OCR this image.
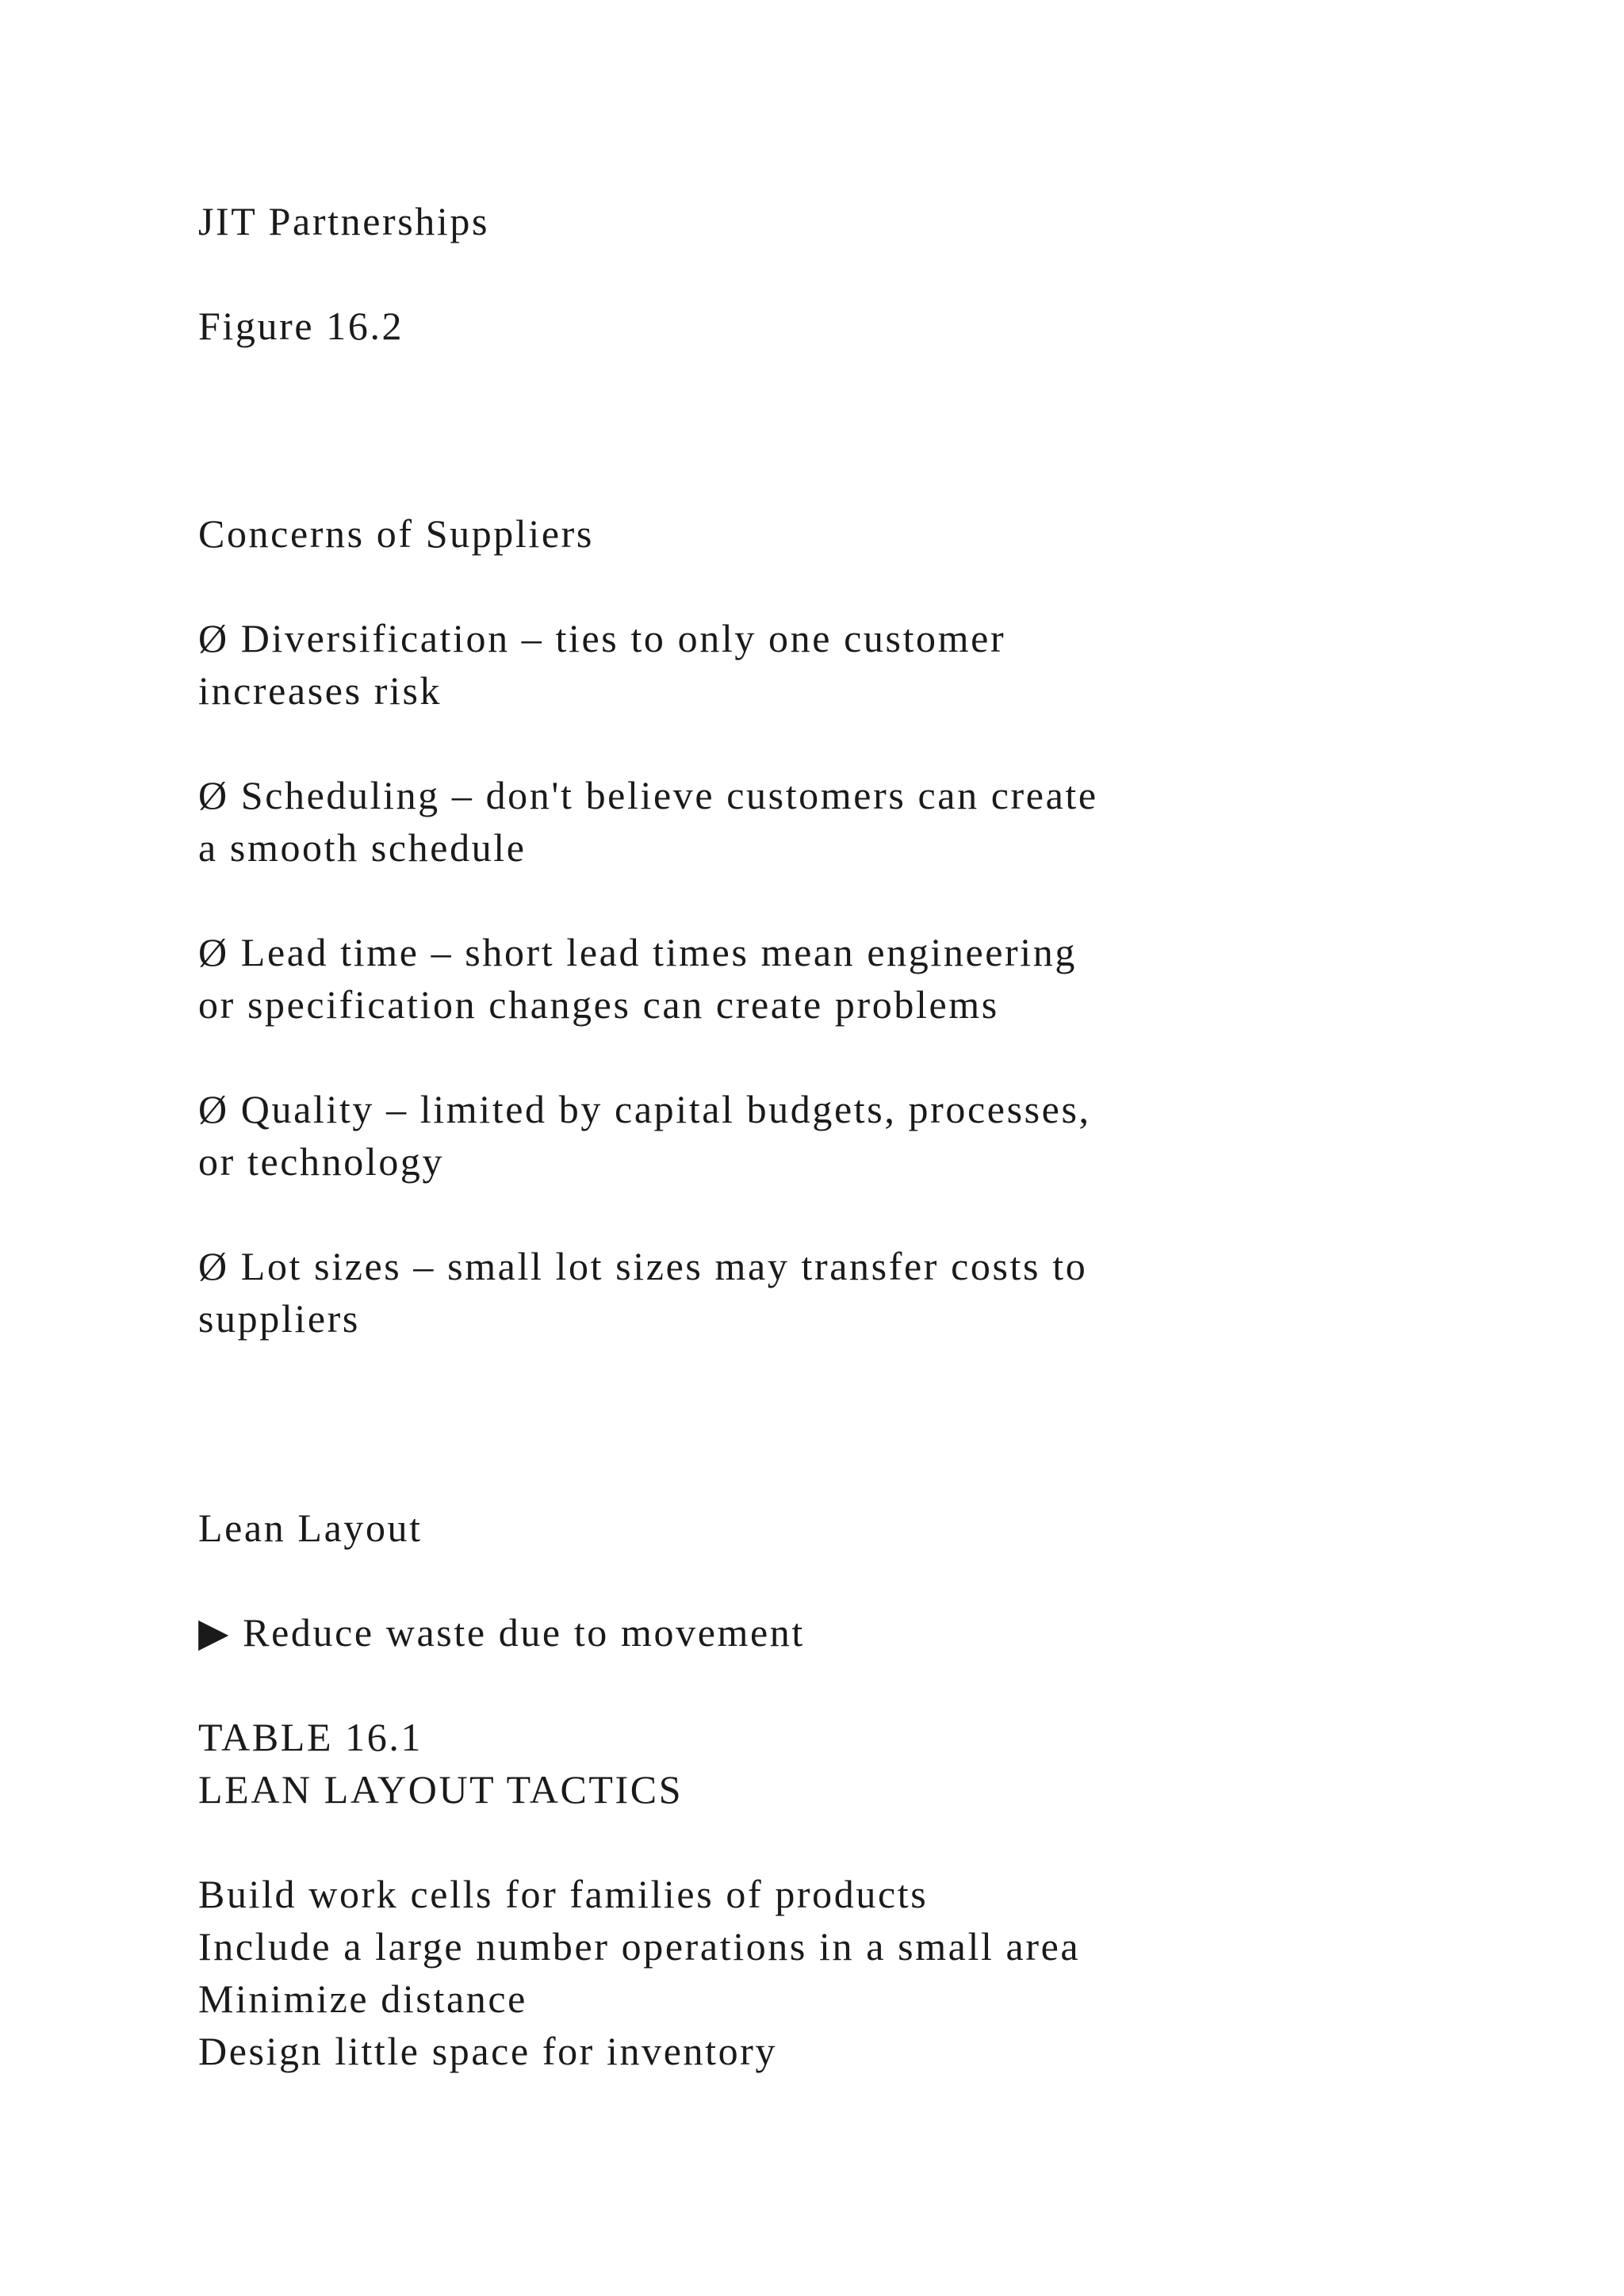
JIT Partnerships
Figure 16.2
Concerns of Suppliers
Ø Diversification – ties to only one customer
increases risk
Ø Scheduling – don't believe customers can create
a smooth schedule
Ø Lead time – short lead times mean engineering
or specification changes can create problems
Ø Quality – limited by capital budgets, processes,
or technology
Ø Lot sizes – small lot sizes may transfer costs to
suppliers
Lean Layout
▶ Reduce waste due to movement
TABLE 16.1
LEAN LAYOUT TACTICS
Build work cells for families of products
Include a large number operations in a small area
Minimize distance
Design little space for inventory
